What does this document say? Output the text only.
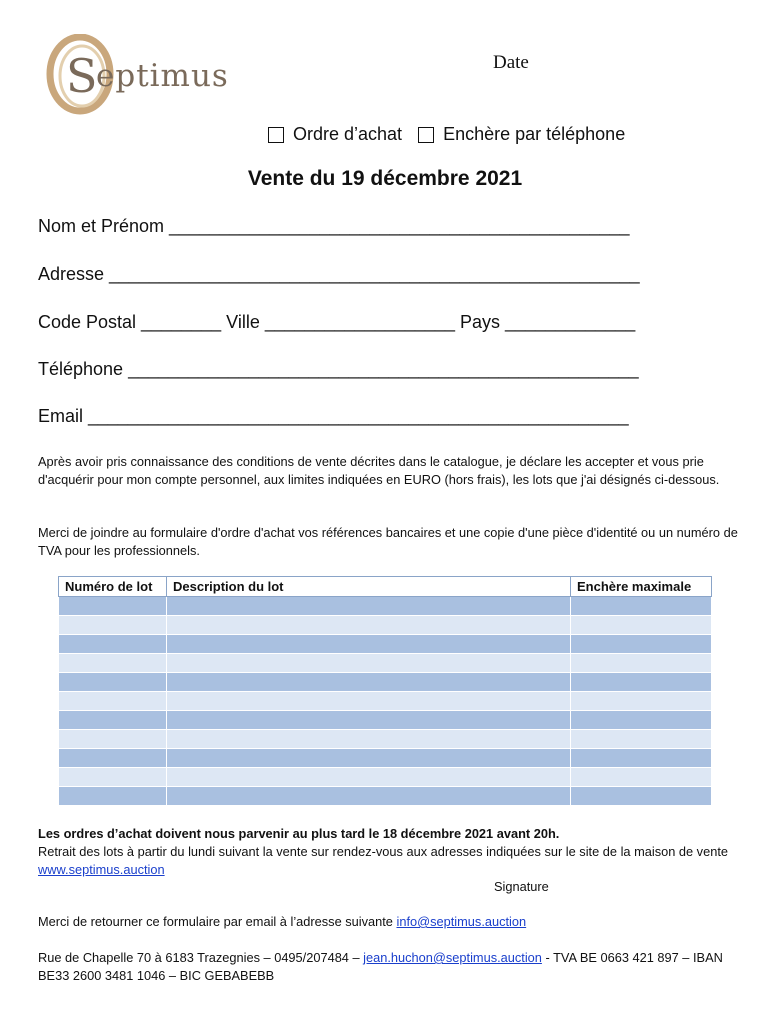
S
eptimus	Date
Ordre d’achat Enchère par téléphone
Vente du 19 décembre 2021
Nom et Prénom ______________________________________________
Adresse _____________________________________________________
Code Postal ________ Ville ___________________ Pays _____________
Téléphone ___________________________________________________
Email ______________________________________________________
Après avoir pris connaissance des conditions de vente décrites dans le catalogue, je déclare les accepter et vous prie d'acquérir pour mon compte personnel, aux limites indiquées en EURO (hors frais), les lots que j'ai désignés ci-dessous.
Merci de joindre au formulaire d'ordre d'achat vos références bancaires et une copie d'une pièce d'identité ou un numéro de TVA pour les professionnels.
Numéro de lot	Description du lot	Enchère maximale

Les ordres d’achat doivent nous parvenir au plus tard le 18 décembre 2021 avant 20h.
Retrait des lots à partir du lundi suivant la vente sur rendez-vous aux adresses indiquées sur le site de la maison de vente www.septimus.auction
Signature
Merci de retourner ce formulaire par email à l’adresse suivante info@septimus.auction
Rue de Chapelle 70 à 6183 Trazegnies – 0495/207484 – jean.huchon@septimus.auction - TVA BE 0663 421 897 – IBAN BE33 2600 3481 1046 – BIC GEBABEBB
